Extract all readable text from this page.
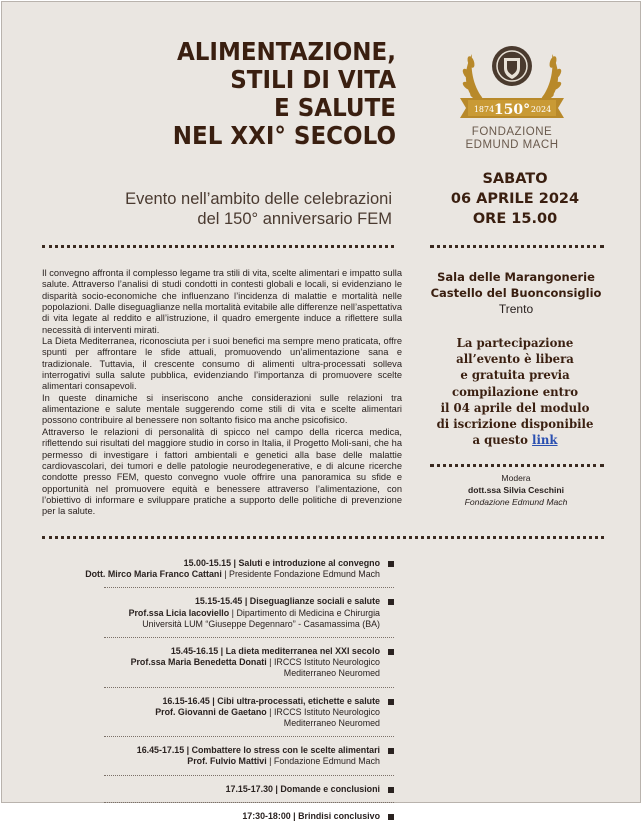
ALIMENTAZIONE,
STILI DI VITA
E SALUTE
NEL XXI° SECOLO
Evento nell’ambito delle celebrazioni
del 150° anniversario FEM
1874 150° 2024
FONDAZIONE
EDMUND MACH
SABATO
06 APRILE 2024
ORE 15.00

Il convegno affronta il complesso legame tra stili di vita, scelte alimentari e impatto sulla salute. Attraverso l’analisi di studi condotti in contesti globali e locali, si evidenziano le disparità socio-economiche che influenzano l’incidenza di malattie e mortalità nelle popolazioni. Dalle diseguaglianze nella mortalità evitabile alle differenze nell’aspettativa di vita legate al reddito e all’istruzione, il quadro emergente induce a riflettere sulla necessità di interventi mirati.

La Dieta Mediterranea, riconosciuta per i suoi benefici ma sempre meno praticata, offre spunti per affrontare le sfide attuali, promuovendo un’alimentazione sana e tradizionale. Tuttavia, il crescente consumo di alimenti ultra-processati solleva interrogativi sulla salute pubblica, evidenziando l’importanza di promuovere scelte alimentari consapevoli.

In queste dinamiche si inseriscono anche considerazioni sulle relazioni tra alimentazione e salute mentale suggerendo come stili di vita e scelte alimentari possono contribuire al benessere non soltanto fisico ma anche psicofisico.

Attraverso le relazioni di personalità di spicco nel campo della ricerca medica, riflettendo sui risultati del maggiore studio in corso in Italia, il Progetto Moli-sani, che ha permesso di investigare i fattori ambientali e genetici alla base delle malattie cardiovascolari, dei tumori e delle patologie neurodegenerative, e di alcune ricerche condotte presso FEM, questo convegno vuole offrire una panoramica su sfide e opportunità nel promuovere equità e benessere attraverso l’alimentazione, con l’obiettivo di informare e sviluppare pratiche a supporto delle politiche di prevenzione per la salute.

Sala delle Marangonerie
Castello del Buonconsiglio
Trento
La partecipazione
all’evento è libera
e gratuita previa
compilazione entro
il 04 aprile del modulo
di iscrizione disponibile
a questo link
Modera
dott.ssa Silvia Ceschini
Fondazione Edmund Mach
15.00-15.15 | Saluti e introduzione al convegno
Dott. Mirco Maria Franco Cattani | Presidente Fondazione Edmund Mach
15.15-15.45 | Diseguaglianze sociali e salute
Prof.ssa Licia Iacoviello | Dipartimento di Medicina e Chirurgia
Università LUM “Giuseppe Degennaro” - Casamassima (BA)
15.45-16.15 | La dieta mediterranea nel XXI secolo
Prof.ssa Maria Benedetta Donati | IRCCS Istituto Neurologico
Mediterraneo Neuromed
16.15-16.45 | Cibi ultra-processati, etichette e salute
Prof. Giovanni de Gaetano | IRCCS Istituto Neurologico
Mediterraneo Neuromed
16.45-17.15 | Combattere lo stress con le scelte alimentari
Prof. Fulvio Mattivi | Fondazione Edmund Mach
17.15-17.30 | Domande e conclusioni
17:30-18:00 | Brindisi conclusivo
